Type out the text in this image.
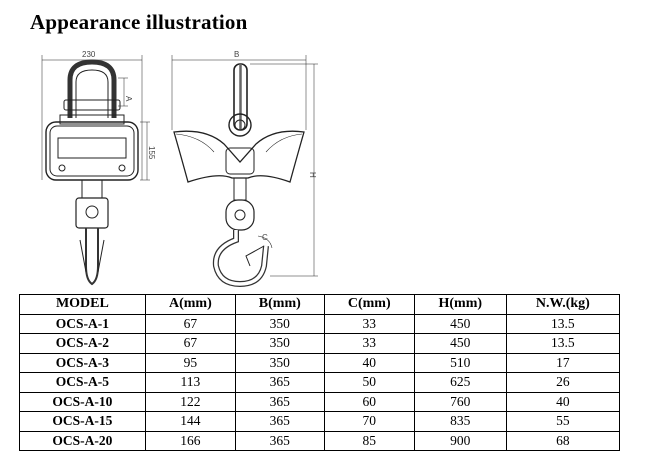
Appearance illustration
230
A
B
155
H
C
MODEL	A(mm)	B(mm)	C(mm)	H(mm)	N.W.(kg)
OCS-A-1	67	350	33	450	13.5
OCS-A-2	67	350	33	450	13.5
OCS-A-3	95	350	40	510	17
OCS-A-5	113	365	50	625	26
OCS-A-10	122	365	60	760	40
OCS-A-15	144	365	70	835	55
OCS-A-20	166	365	85	900	68
